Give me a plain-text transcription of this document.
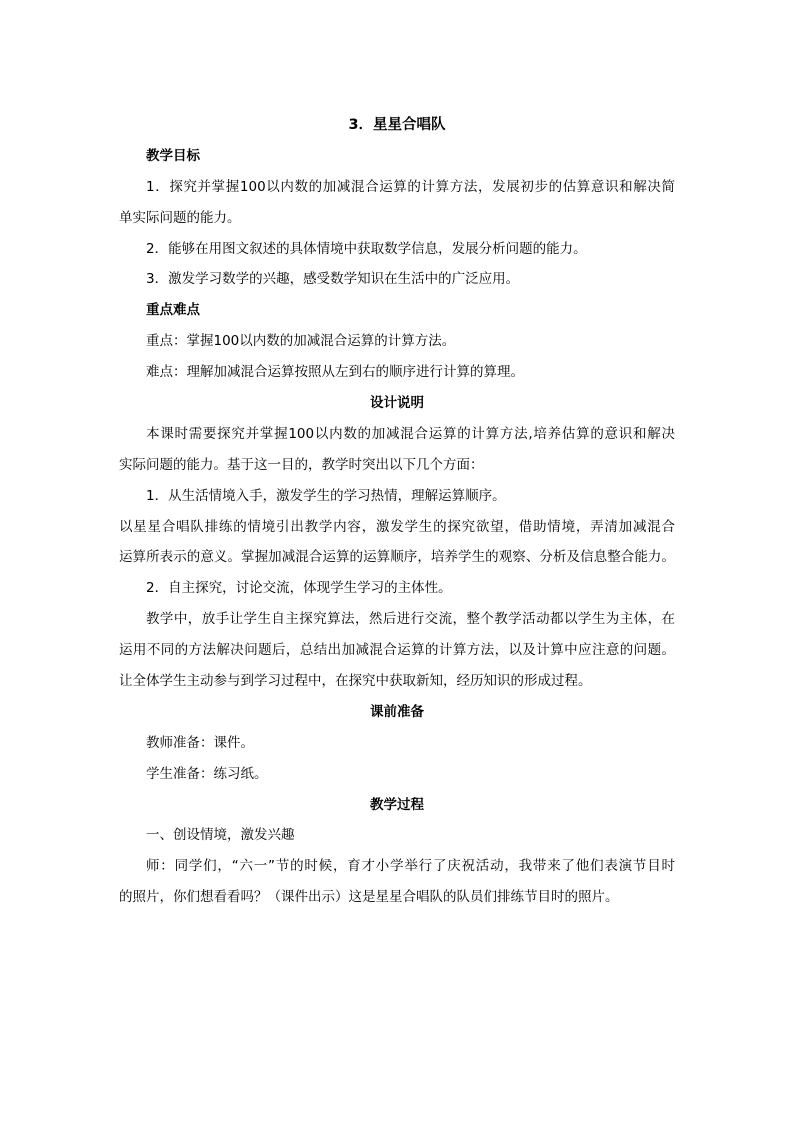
3．星星合唱队
教学目标
1．探究并掌握100以内数的加减混合运算的计算方法，发展初步的估算意识和解决简
单实际问题的能力。
2．能够在用图文叙述的具体情境中获取数学信息，发展分析问题的能力。
3．激发学习数学的兴趣，感受数学知识在生活中的广泛应用。
重点难点
重点：掌握100以内数的加减混合运算的计算方法。
难点：理解加减混合运算按照从左到右的顺序进行计算的算理。
设计说明
本课时需要探究并掌握100以内数的加减混合运算的计算方法,培养估算的意识和解决
实际问题的能力。基于这一目的，教学时突出以下几个方面：
1．从生活情境入手，激发学生的学习热情，理解运算顺序。
以星星合唱队排练的情境引出教学内容，激发学生的探究欲望，借助情境，弄清加减混合
运算所表示的意义。掌握加减混合运算的运算顺序，培养学生的观察、分析及信息整合能力。
2．自主探究，讨论交流，体现学生学习的主体性。
教学中，放手让学生自主探究算法，然后进行交流，整个教学活动都以学生为主体，在
运用不同的方法解决问题后，总结出加减混合运算的计算方法，以及计算中应注意的问题。
让全体学生主动参与到学习过程中，在探究中获取新知，经历知识的形成过程。
课前准备
教师准备：课件。
学生准备：练习纸。
教学过程
一、创设情境，激发兴趣
师：同学们，“六一”节的时候，育才小学举行了庆祝活动，我带来了他们表演节目时
的照片，你们想看看吗？（课件出示）这是星星合唱队的队员们排练节目时的照片。
